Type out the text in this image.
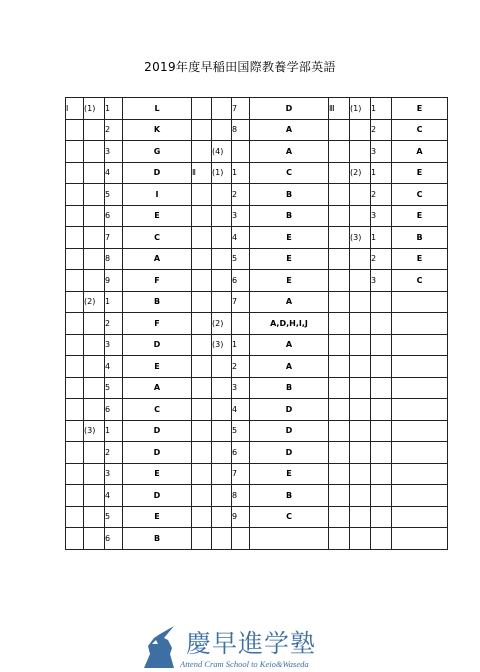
2019年度早稲田国際教養学部英語
Ⅰ	(1)	1	L			7	D	Ⅲ	(1)	1	E
		2	K			8	A			2	C
		3	G		(4)		A			3	A
		4	D	Ⅱ	(1)	1	C		(2)	1	E
		5	I			2	B			2	C
		6	E			3	B			3	E
		7	C			4	E		(3)	1	B
		8	A			5	E			2	E
		9	F			6	E			3	C
	(2)	1	B			7	A				
		2	F		(2)		A,D,H,I,J				
		3	D		(3)	1	A				
		4	E			2	A				
		5	A			3	B				
		6	C			4	D				
	(3)	1	D			5	D				
		2	D			6	D				
		3	E			7	E				
		4	D			8	B				
		5	E			9	C				
		6	B								
慶早進学塾
Attend Cram School to Keio&Waseda
